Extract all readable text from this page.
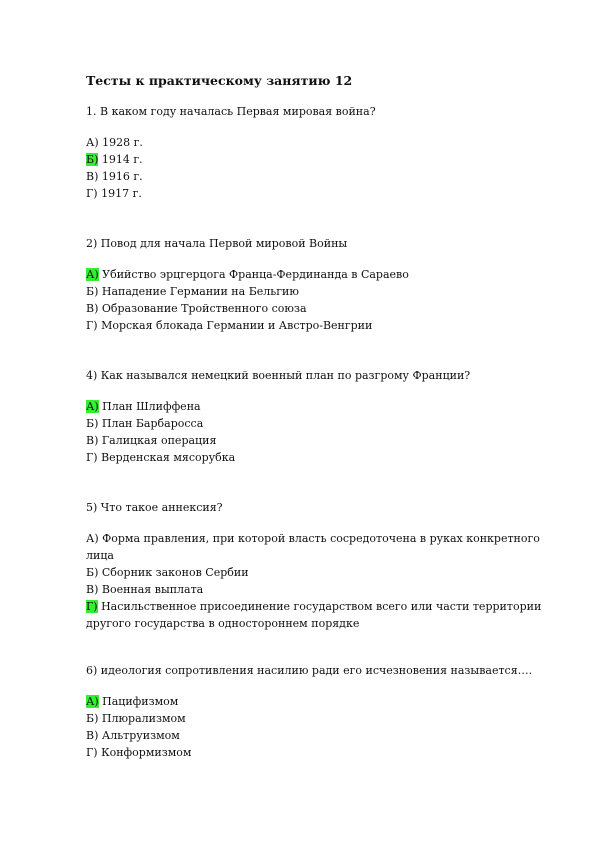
Тесты к практическому занятию 12
1. В каком году началась Первая мировая война?
А) 1928 г.
Б) 1914 г.
В) 1916 г.
Г) 1917 г.
2) Повод для начала Первой мировой Войны
А) Убийство эрцгерцога Франца-Фердинанда в Сараево
Б) Нападение Германии на Бельгию
В) Образование Тройственного союза
Г) Морская блокада Германии и Австро-Венгрии
4) Как назывался немецкий военный план по разгрому Франции?
А) План Шлиффена
Б) План Барбаросса
В) Галицкая операция
Г) Верденская мясорубка
5) Что такое аннексия?
А) Форма правления, при которой власть сосредоточена в руках конкретного лица
Б) Сборник законов Сербии
В) Военная выплата
Г) Насильственное присоединение государством всего или части территории другого государства в одностороннем порядке
6) идеология сопротивления насилию ради его исчезновения называется….
А) Пацифизмом
Б) Плюрализмом
В) Альтруизмом
Г) Конформизмом
